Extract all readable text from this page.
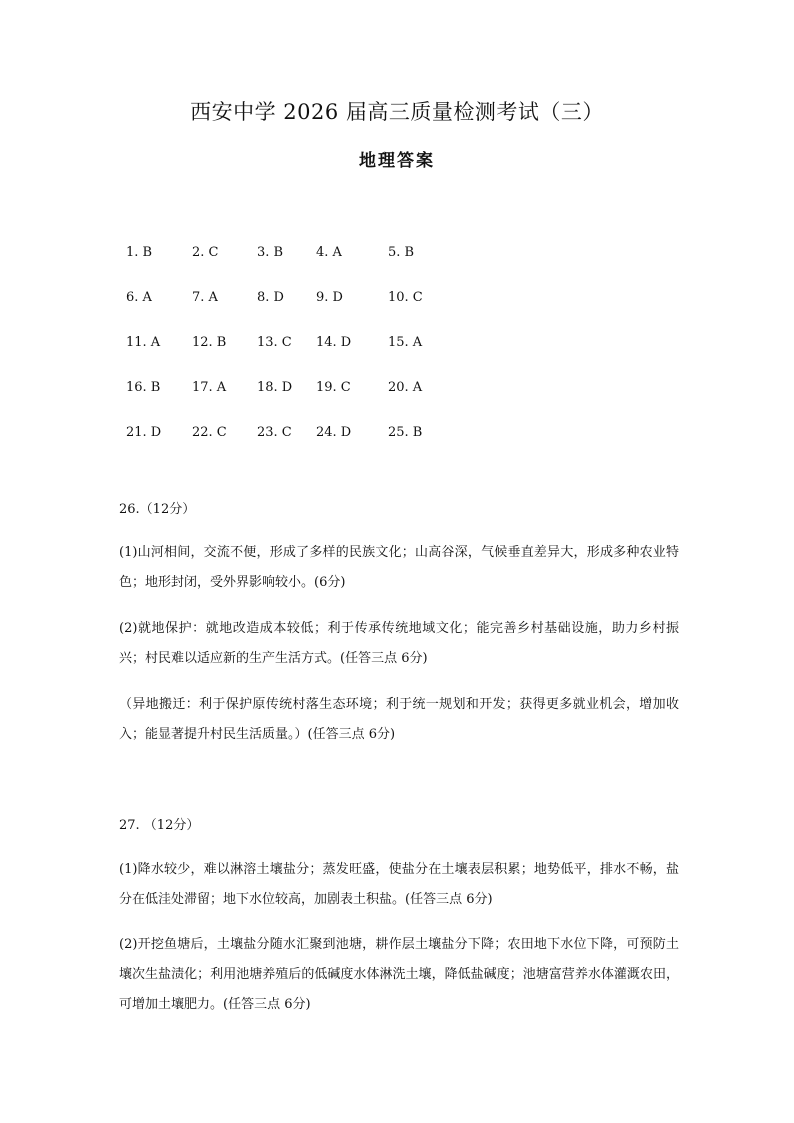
西安中学 2026 届高三质量检测考试（三）
地理答案
1. B	2. C	3. B	4. A	5. B
6. A	7. A	8. D	9. D	10. C
11. A	12. B	13. C	14. D	15. A
16. B	17. A	18. D	19. C	20. A
21. D	22. C	23. C	24. D	25. B
26.（12分）
(1)山河相间，交流不便，形成了多样的民族文化；山高谷深，气候垂直差异大，形成多种农业特色；地形封闭，受外界影响较小。(6分)
(2)就地保护：就地改造成本较低；利于传承传统地域文化；能完善乡村基础设施，助力乡村振兴；村民难以适应新的生产生活方式。(任答三点 6分)
（异地搬迁：利于保护原传统村落生态环境；利于统一规划和开发；获得更多就业机会，增加收入；能显著提升村民生活质量。）(任答三点 6分)
27. （12分）
(1)降水较少，难以淋溶土壤盐分；蒸发旺盛，使盐分在土壤表层积累；地势低平，排水不畅，盐分在低洼处滞留；地下水位较高，加剧表土积盐。(任答三点 6分)
(2)开挖鱼塘后，土壤盐分随水汇聚到池塘，耕作层土壤盐分下降；农田地下水位下降，可预防土壤次生盐渍化；利用池塘养殖后的低碱度水体淋洗土壤，降低盐碱度；池塘富营养水体灌溉农田，可增加土壤肥力。(任答三点 6分)
